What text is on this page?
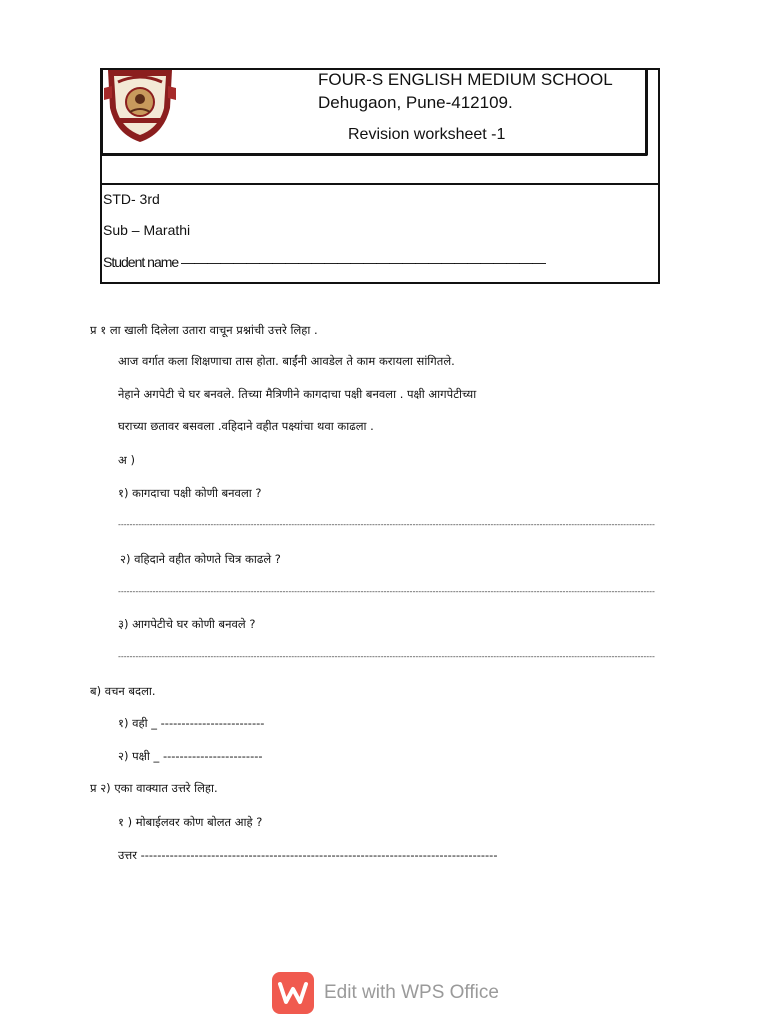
FOUR-S ENGLISH MEDIUM SCHOOL
Dehugaon, Pune-412109.
Revision worksheet -1
STD- 3rd
Sub – Marathi
Student name ————————————————————————————
प्र १ ला खाली दिलेला उतारा वाचून प्रश्नांची उत्तरे लिहा .
आज वर्गात कला शिक्षणाचा तास होता. बाईंनी आवडेल ते काम करायला सांगितले.
नेहाने अगपेटी चे घर बनवले. तिच्या मैत्रिणीने कागदाचा पक्षी बनवला . पक्षी आगपेटीच्या
घराच्या छतावर बसवला .वहिदाने वहीत पक्ष्यांचा थवा काढला .
अ )
१) कागदाचा पक्षी कोणी बनवला ?
------------------------------------------------------------------------------------------------------------------------------------------------------------------------------------------
२) वहिदाने वहीत कोणते चित्र काढले ?
------------------------------------------------------------------------------------------------------------------------------------------------------------------------------------------
३) आगपेटीचे घर कोणी बनवले ?
------------------------------------------------------------------------------------------------------------------------------------------------------------------------------------------
ब) वचन बदला.
१) वही _ -------------------------
२) पक्षी _ ------------------------
प्र २) एका वाक्यात उत्तरे लिहा.
१ ) मोबाईलवर कोण बोलत आहे ?
उत्तर --------------------------------------------------------------------------------------
Edit with WPS Office
